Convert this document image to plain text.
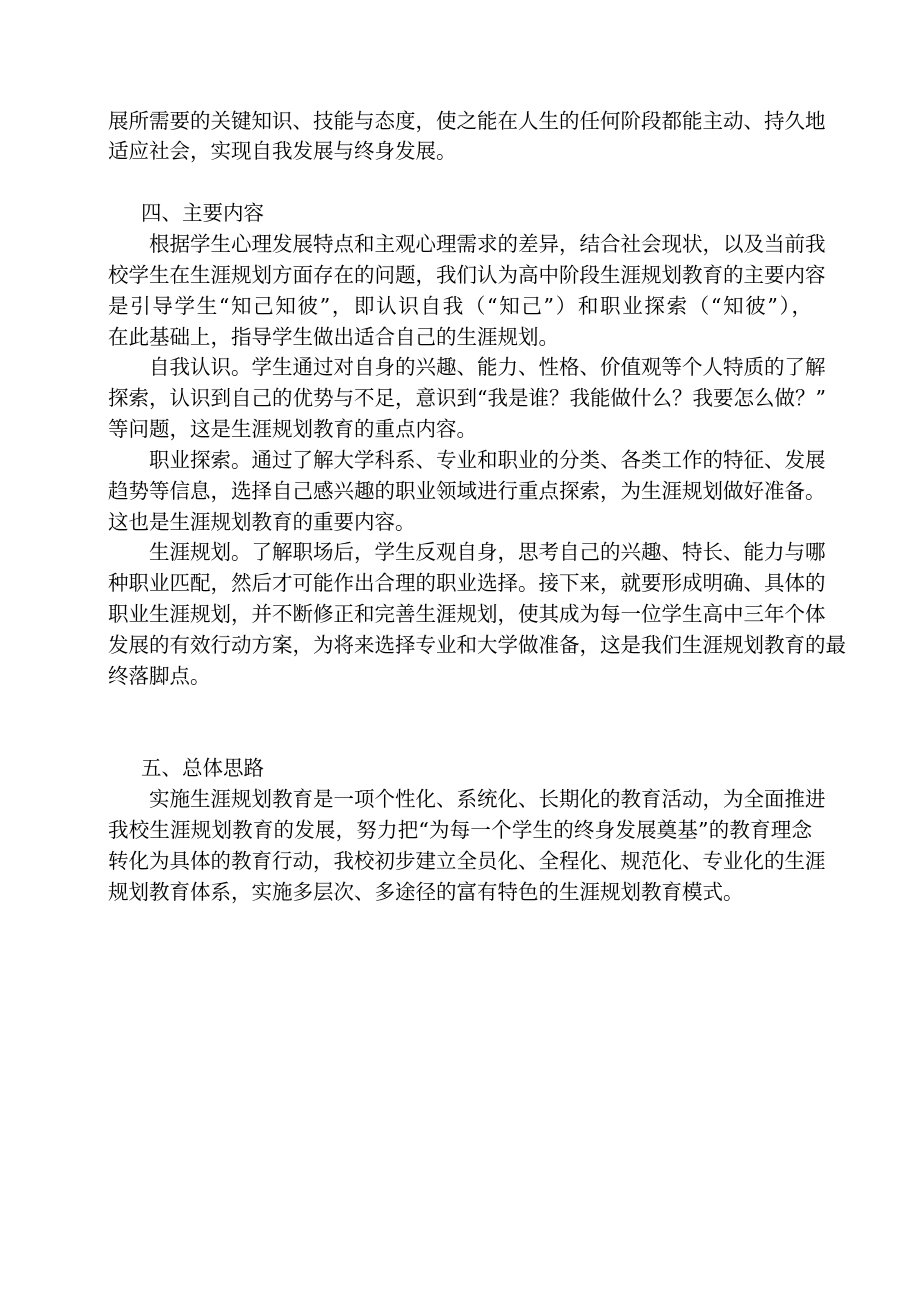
展所需要的关键知识、技能与态度，使之能在人生的任何阶段都能主动、持久地

适应社会，实现自我发展与终身发展。

四、主要内容

根据学生心理发展特点和主观心理需求的差异，结合社会现状，以及当前我

校学生在生涯规划方面存在的问题，我们认为高中阶段生涯规划教育的主要内容

是引导学生“知己知彼”，即认识自我（“知己”）和职业探索（“知彼”），

在此基础上，指导学生做出适合自己的生涯规划。

自我认识。学生通过对自身的兴趣、能力、性格、价值观等个人特质的了解

探索，认识到自己的优势与不足，意识到“我是谁？我能做什么？我要怎么做？”

等问题，这是生涯规划教育的重点内容。

职业探索。通过了解大学科系、专业和职业的分类、各类工作的特征、发展

趋势等信息，选择自己感兴趣的职业领域进行重点探索，为生涯规划做好准备。

这也是生涯规划教育的重要内容。

生涯规划。了解职场后，学生反观自身，思考自己的兴趣、特长、能力与哪

种职业匹配，然后才可能作出合理的职业选择。接下来，就要形成明确、具体的

职业生涯规划，并不断修正和完善生涯规划，使其成为每一位学生高中三年个体

发展的有效行动方案，为将来选择专业和大学做准备，这是我们生涯规划教育的最

终落脚点。

五、总体思路

实施生涯规划教育是一项个性化、系统化、长期化的教育活动，为全面推进

我校生涯规划教育的发展，努力把“为每一个学生的终身发展奠基”的教育理念

转化为具体的教育行动，我校初步建立全员化、全程化、规范化、专业化的生涯

规划教育体系，实施多层次、多途径的富有特色的生涯规划教育模式。
